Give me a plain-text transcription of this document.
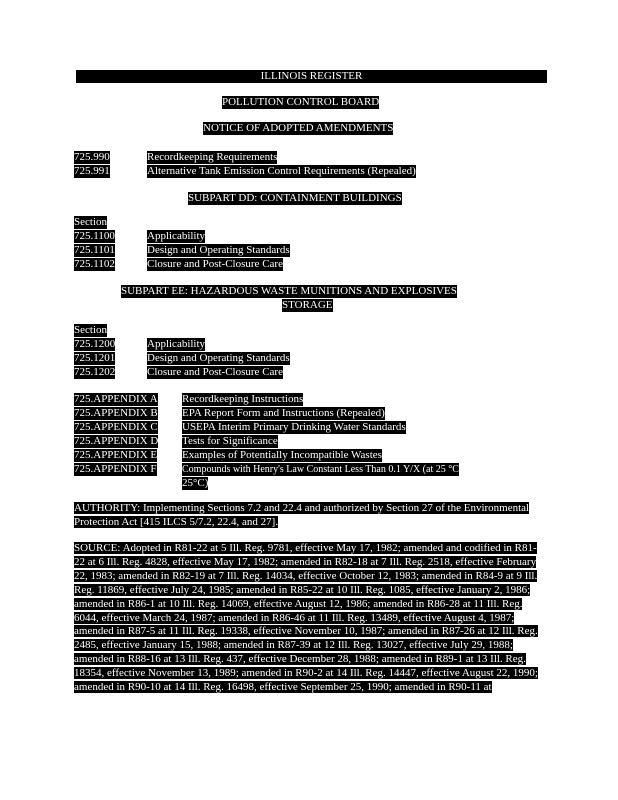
ILLINOIS REGISTER
POLLUTION CONTROL BOARD
NOTICE OF ADOPTED AMENDMENTS
725.990	Recordkeeping Requirements
725.991	Alternative Tank Emission Control Requirements (Repealed)
SUBPART DD: CONTAINMENT BUILDINGS
Section
725.1100	Applicability
725.1101	Design and Operating Standards
725.1102	Closure and Post-Closure Care
SUBPART EE: HAZARDOUS WASTE MUNITIONS AND EXPLOSIVES
STORAGE
Section
725.1200	Applicability
725.1201	Design and Operating Standards
725.1202	Closure and Post-Closure Care
725.APPENDIX A Recordkeeping Instructions
725.APPENDIX B EPA Report Form and Instructions (Repealed)
725.APPENDIX C USEPA Interim Primary Drinking Water Standards
725.APPENDIX D Tests for Significance
725.APPENDIX E Examples of Potentially Incompatible Wastes
725.APPENDIX F	Compounds with Henry's Law Constant Less Than 0.1 Y/X (at 25 °C
25°C)
AUTHORITY: Implementing Sections 7.2 and 22.4 and authorized by Section 27 of the Environmental Protection Act [415 ILCS 5/7.2, 22.4, and 27].
SOURCE: Adopted in R81-22 at 5 Ill. Reg. 9781, effective May 17, 1982; amended and codified in R81-22 at 6 Ill. Reg. 4828, effective May 17, 1982; amended in R82-18 at 7 Ill. Reg. 2518, effective February 22, 1983; amended in R82-19 at 7 Ill. Reg. 14034, effective October 12, 1983; amended in R84-9 at 9 Ill. Reg. 11869, effective July 24, 1985; amended in R85-22 at 10 Ill. Reg. 1085, effective January 2, 1986; amended in R86-1 at 10 Ill. Reg. 14069, effective August 12, 1986; amended in R86-28 at 11 Ill. Reg. 6044, effective March 24, 1987; amended in R86-46 at 11 Ill. Reg. 13489, effective August 4, 1987; amended in R87-5 at 11 Ill. Reg. 19338, effective November 10, 1987; amended in R87-26 at 12 Ill. Reg. 2485, effective January 15, 1988; amended in R87-39 at 12 Ill. Reg. 13027, effective July 29, 1988; amended in R88-16 at 13 Ill. Reg. 437, effective December 28, 1988; amended in R89-1 at 13 Ill. Reg. 18354, effective November 13, 1989; amended in R90-2 at 14 Ill. Reg. 14447, effective August 22, 1990; amended in R90-10 at 14 Ill. Reg. 16498, effective September 25, 1990; amended in R90-11 at
